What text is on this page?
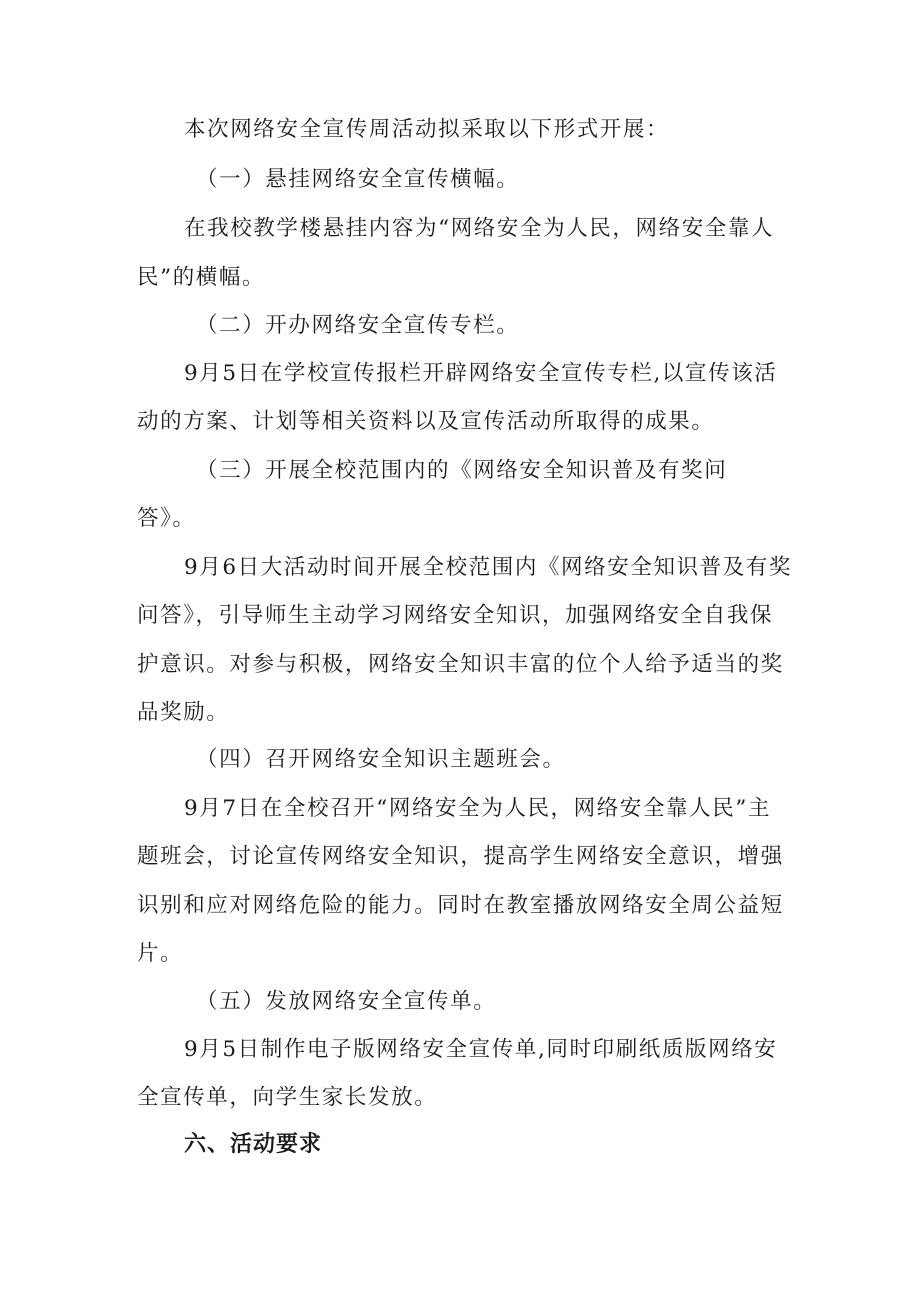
本次网络安全宣传周活动拟采取以下形式开展：

（一）悬挂网络安全宣传横幅。

在我校教学楼悬挂内容为“网络安全为人民，网络安全靠人

民”的横幅。

（二）开办网络安全宣传专栏。

9月5日在学校宣传报栏开辟网络安全宣传专栏,以宣传该活

动的方案、计划等相关资料以及宣传活动所取得的成果。

（三）开展全校范围内的《网络安全知识普及有奖问

答》。

9月6日大活动时间开展全校范围内《网络安全知识普及有奖

问答》，引导师生主动学习网络安全知识，加强网络安全自我保

护意识。对参与积极，网络安全知识丰富的位个人给予适当的奖

品奖励。

（四）召开网络安全知识主题班会。

9月7日在全校召开“网络安全为人民，网络安全靠人民”主

题班会，讨论宣传网络安全知识，提高学生网络安全意识，增强

识别和应对网络危险的能力。同时在教室播放网络安全周公益短

片。

（五）发放网络安全宣传单。

9月5日制作电子版网络安全宣传单,同时印刷纸质版网络安

全宣传单，向学生家长发放。

六、活动要求
